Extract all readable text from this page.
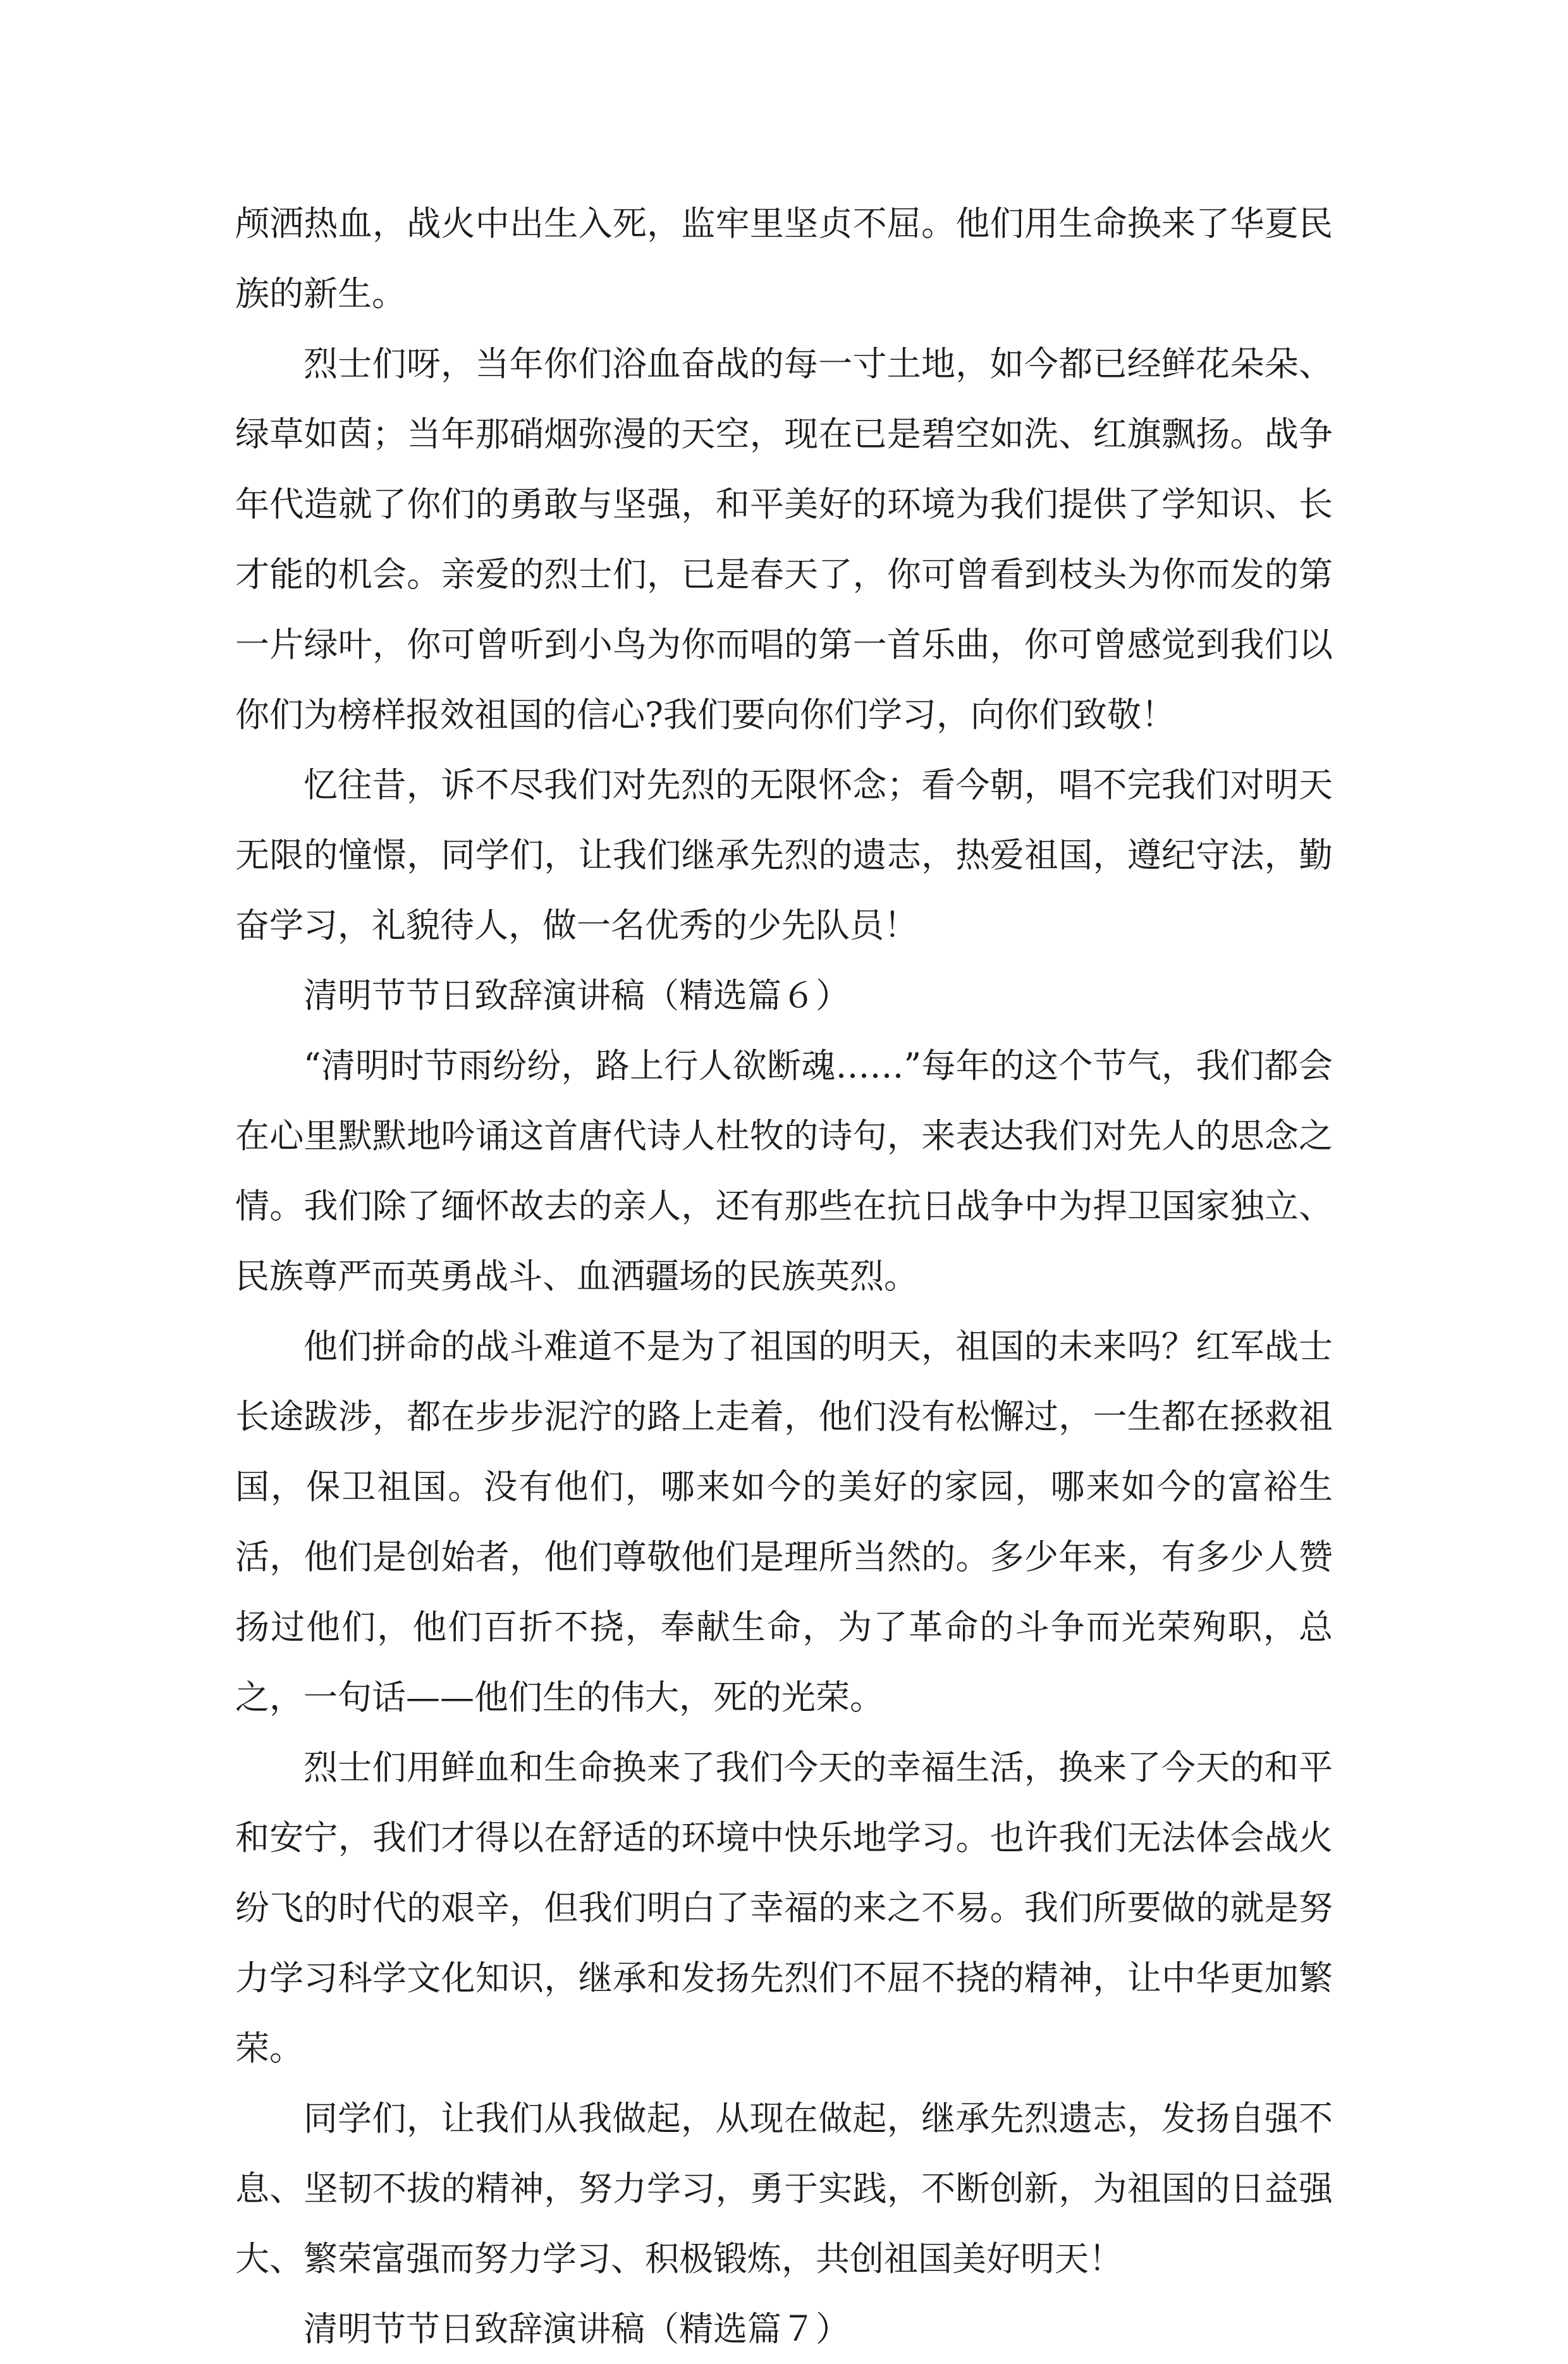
颅洒热血，战火中出生入死，监牢里坚贞不屈。他们用生命换来了华夏民族的新生。

烈士们呀，当年你们浴血奋战的每一寸土地，如今都已经鲜花朵朵、绿草如茵；当年那硝烟弥漫的天空，现在已是碧空如洗、红旗飘扬。战争年代造就了你们的勇敢与坚强，和平美好的环境为我们提供了学知识、长才能的机会。亲爱的烈士们，已是春天了，你可曾看到枝头为你而发的第一片绿叶，你可曾听到小鸟为你而唱的第一首乐曲，你可曾感觉到我们以你们为榜样报效祖国的信心?我们要向你们学习，向你们致敬！

忆往昔，诉不尽我们对先烈的无限怀念；看今朝，唱不完我们对明天无限的憧憬，同学们，让我们继承先烈的遗志，热爱祖国，遵纪守法，勤奋学习，礼貌待人，做一名优秀的少先队员！

清明节节日致辞演讲稿（精选篇６）

“清明时节雨纷纷，路上行人欲断魂……”每年的这个节气，我们都会在心里默默地吟诵这首唐代诗人杜牧的诗句，来表达我们对先人的思念之情。我们除了缅怀故去的亲人，还有那些在抗日战争中为捍卫国家独立、民族尊严而英勇战斗、血洒疆场的民族英烈。

他们拼命的战斗难道不是为了祖国的明天，祖国的未来吗？红军战士长途跋涉，都在步步泥泞的路上走着，他们没有松懈过，一生都在拯救祖国，保卫祖国。没有他们，哪来如今的美好的家园，哪来如今的富裕生活，他们是创始者，他们尊敬他们是理所当然的。多少年来，有多少人赞扬过他们，他们百折不挠，奉献生命，为了革命的斗争而光荣殉职，总之，一句话——他们生的伟大，死的光荣。

烈士们用鲜血和生命换来了我们今天的幸福生活，换来了今天的和平和安宁，我们才得以在舒适的环境中快乐地学习。也许我们无法体会战火纷飞的时代的艰辛，但我们明白了幸福的来之不易。我们所要做的就是努力学习科学文化知识，继承和发扬先烈们不屈不挠的精神，让中华更加繁荣。

同学们，让我们从我做起，从现在做起，继承先烈遗志，发扬自强不息、坚韧不拔的精神，努力学习，勇于实践，不断创新，为祖国的日益强大、繁荣富强而努力学习、积极锻炼，共创祖国美好明天！

清明节节日致辞演讲稿（精选篇７）
